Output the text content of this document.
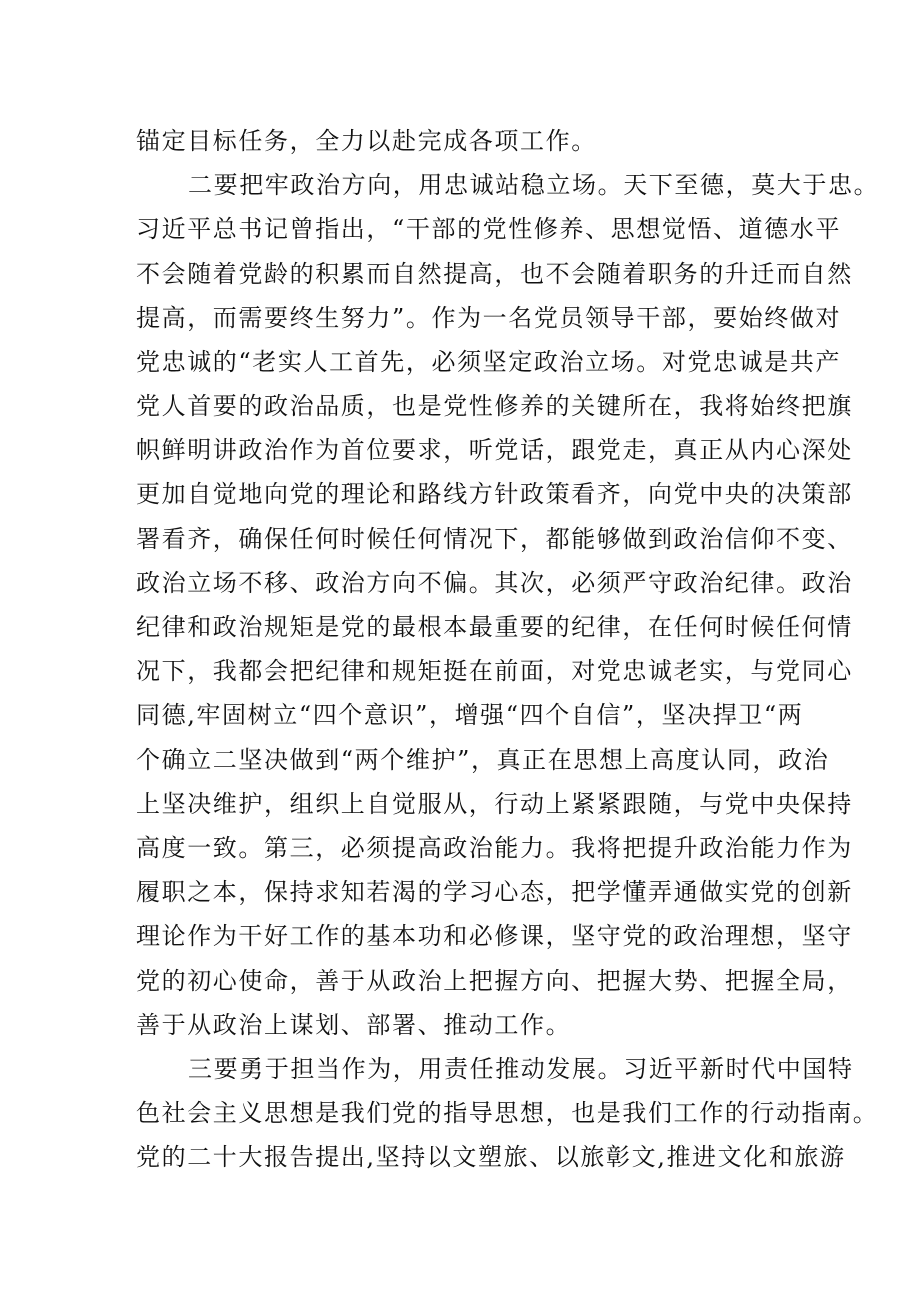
锚定目标任务，全力以赴完成各项工作。
二要把牢政治方向，用忠诚站稳立场。天下至德，莫大于忠。
习近平总书记曾指出，“干部的党性修养、思想觉悟、道德水平
不会随着党龄的积累而自然提高，也不会随着职务的升迁而自然
提高，而需要终生努力”。作为一名党员领导干部，要始终做对
党忠诚的“老实人工首先，必须坚定政治立场。对党忠诚是共产
党人首要的政治品质，也是党性修养的关键所在，我将始终把旗
帜鲜明讲政治作为首位要求，听党话，跟党走，真正从内心深处
更加自觉地向党的理论和路线方针政策看齐，向党中央的决策部
署看齐，确保任何时候任何情况下，都能够做到政治信仰不变、
政治立场不移、政治方向不偏。其次，必须严守政治纪律。政治
纪律和政治规矩是党的最根本最重要的纪律，在任何时候任何情
况下，我都会把纪律和规矩挺在前面，对党忠诚老实，与党同心
同德,牢固树立“四个意识”，增强“四个自信”，坚决捍卫“两
个确立二坚决做到“两个维护”，真正在思想上高度认同，政治
上坚决维护，组织上自觉服从，行动上紧紧跟随，与党中央保持
高度一致。第三，必须提高政治能力。我将把提升政治能力作为
履职之本，保持求知若渴的学习心态，把学懂弄通做实党的创新
理论作为干好工作的基本功和必修课，坚守党的政治理想，坚守
党的初心使命，善于从政治上把握方向、把握大势、把握全局，
善于从政治上谋划、部署、推动工作。
三要勇于担当作为，用责任推动发展。习近平新时代中国特
色社会主义思想是我们党的指导思想，也是我们工作的行动指南。
党的二十大报告提出,坚持以文塑旅、以旅彰文,推进文化和旅游
